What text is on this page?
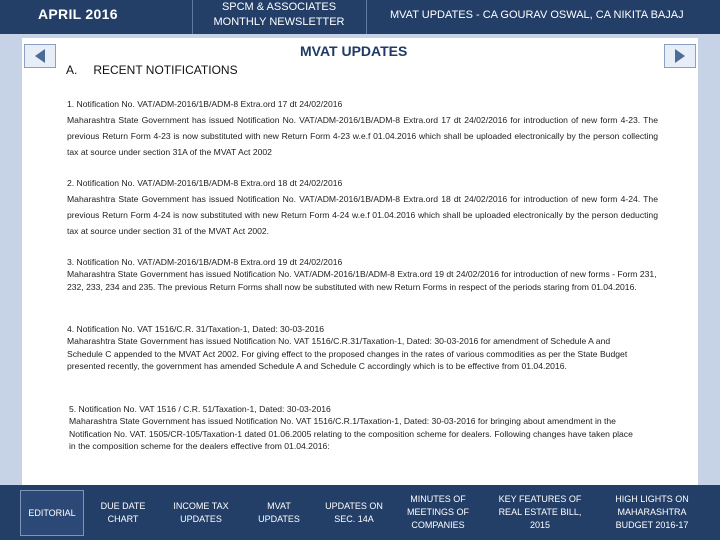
APRIL 2016	SPCM & ASSOCIATES
MONTHLY NEWSLETTER
MVAT UPDATES - CA GOURAV OSWAL, CA NIKITA BAJAJ
MVAT UPDATES
A. RECENT NOTIFICATIONS
1. Notification No. VAT/ADM-2016/1B/ADM-8 Extra.ord 17 dt 24/02/2016
Maharashtra State Government has issued Notification No. VAT/ADM-2016/1B/ADM-8 Extra.ord 17 dt 24/02/2016 for introduction of new form 4-23. The previous Return Form 4-23 is now substituted with new Return Form 4-23 w.e.f 01.04.2016 which shall be uploaded electronically by the person collecting tax at source under section 31A of the MVAT Act 2002
2. Notification No. VAT/ADM-2016/1B/ADM-8 Extra.ord 18 dt 24/02/2016
Maharashtra State Government has issued Notification No. VAT/ADM-2016/1B/ADM-8 Extra.ord 18 dt 24/02/2016 for introduction of new form 4-24. The previous Return Form 4-24 is now substituted with new Return Form 4-24 w.e.f 01.04.2016 which shall be uploaded electronically by the person deducting tax at source under section 31 of the MVAT Act 2002.
3. Notification No. VAT/ADM-2016/1B/ADM-8 Extra.ord 19 dt 24/02/2016
Maharashtra State Government has issued Notification No. VAT/ADM-2016/1B/ADM-8 Extra.ord 19 dt 24/02/2016 for introduction of new forms - Form 231, 232, 233, 234 and 235. The previous Return Forms shall now be substituted with new Return Forms in respect of the periods staring from 01.04.2016.
4. Notification No. VAT 1516/C.R. 31/Taxation-1, Dated: 30-03-2016
Maharashtra State Government has issued Notification No. VAT 1516/C.R.31/Taxation-1, Dated: 30-03-2016 for amendment of Schedule A and Schedule C appended to the MVAT Act 2002. For giving effect to the proposed changes in the rates of various commodities as per the State Budget presented recently, the government has amended Schedule A and Schedule C accordingly which is to be effective from 01.04.2016.
5. Notification No. VAT 1516 / C.R. 51/Taxation-1, Dated: 30-03-2016
Maharashtra State Government has issued Notification No. VAT 1516/C.R.1/Taxation-1, Dated: 30-03-2016 for bringing about amendment in the Notification No. VAT. 1505/CR-105/Taxation-1 dated 01.06.2005 relating to the composition scheme for dealers. Following changes have taken place in the composition scheme for the dealers effective from 01.04.2016:
EDITORIAL
DUE DATE CHART
INCOME TAX UPDATES
MVAT UPDATES
UPDATES ON SEC. 14A
MINUTES OF MEETINGS OF COMPANIES
KEY FEATURES OF REAL ESTATE BILL, 2015
HIGH LIGHTS ON MAHARASHTRA BUDGET 2016-17
